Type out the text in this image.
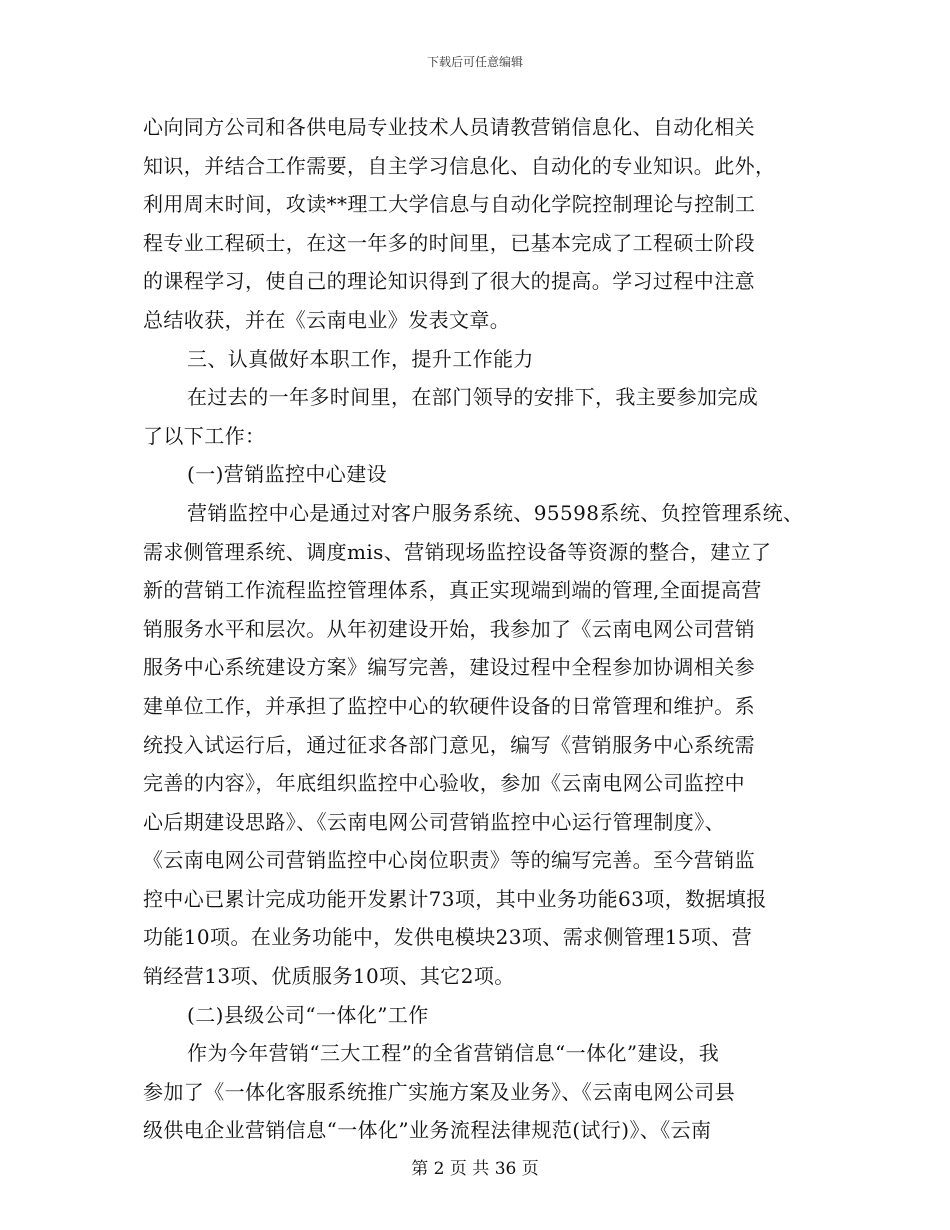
下载后可任意编辑
心向同方公司和各供电局专业技术人员请教营销信息化、自动化相关
知识，并结合工作需要，自主学习信息化、自动化的专业知识。此外，
利用周末时间，攻读**理工大学信息与自动化学院控制理论与控制工
程专业工程硕士，在这一年多的时间里，已基本完成了工程硕士阶段
的课程学习，使自己的理论知识得到了很大的提高。学习过程中注意
总结收获，并在《云南电业》发表文章。
三、认真做好本职工作，提升工作能力
在过去的一年多时间里，在部门领导的安排下，我主要参加完成
了以下工作：
(一)营销监控中心建设
营销监控中心是通过对客户服务系统、95598系统、负控管理系统、
需求侧管理系统、调度mis、营销现场监控设备等资源的整合，建立了
新的营销工作流程监控管理体系，真正实现端到端的管理,全面提高营
销服务水平和层次。从年初建设开始，我参加了《云南电网公司营销
服务中心系统建设方案》编写完善，建设过程中全程参加协调相关参
建单位工作，并承担了监控中心的软硬件设备的日常管理和维护。系
统投入试运行后，通过征求各部门意见，编写《营销服务中心系统需
完善的内容》，年底组织监控中心验收，参加《云南电网公司监控中
心后期建设思路》、《云南电网公司营销监控中心运行管理制度》、
《云南电网公司营销监控中心岗位职责》等的编写完善。至今营销监
控中心已累计完成功能开发累计73项，其中业务功能63项，数据填报
功能10项。在业务功能中，发供电模块23项、需求侧管理15项、营
销经营13项、优质服务10项、其它2项。
(二)县级公司“一体化”工作
作为今年营销“三大工程”的全省营销信息“一体化”建设，我
参加了《一体化客服系统推广实施方案及业务》、《云南电网公司县
级供电企业营销信息“一体化”业务流程法律规范(试行)》、《云南
第 2 页 共 36 页
